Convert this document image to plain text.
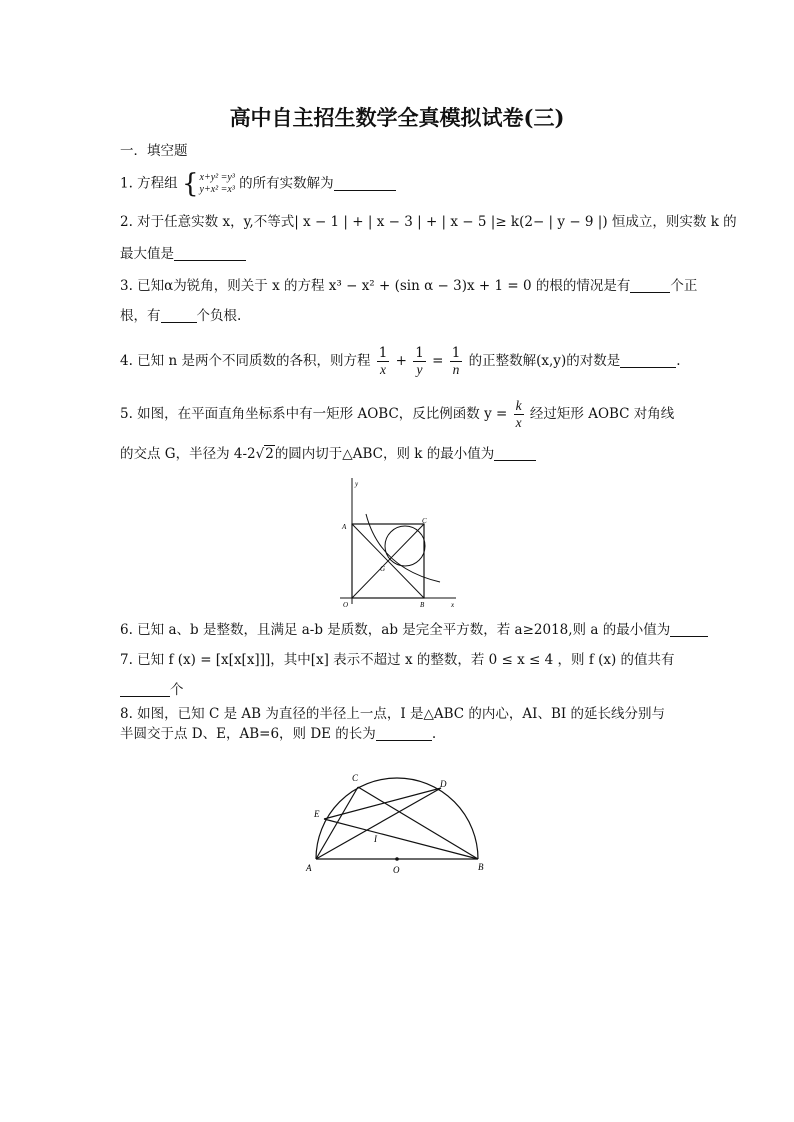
高中自主招生数学全真模拟试卷(三)
一．填空题
1. 方程组 { x+y² =y³
y+x² =x³ 的所有实数解为
2. 对于任意实数 x，y,不等式| x − 1 | + | x − 3 | + | x − 5 |≥ k(2− | y − 9 |) 恒成立，则实数 k 的
最大值是
3. 已知α为锐角，则关于 x 的方程 x³ − x² + (sin α − 3)x + 1 = 0 的根的情况是有	个正
根，有	个负根.
4. 已知 n 是两个不同质数的各积，则方程 $\frac{1}{x} + \frac{1}{y} = \frac{1}{n}$ 的正整数解(x,y)的对数是	.
5. 如图，在平面直角坐标系中有一矩形 AOBC，反比例函数 $y = \frac{k}{x}$ 经过矩形 AOBC 对角线
的交点 G，半径为 4-2√2的圆内切于△ABC，则 k 的最小值为
y
A
C
G
O	B	x
6. 已知 a、b 是整数，且满足 a-b 是质数，ab 是完全平方数，若 a≥2018,则 a 的最小值为
7. 已知 f (x) = [x[x[x]]]，其中[x] 表示不超过 x 的整数，若 0 ≤ x ≤ 4 ，则 f (x) 的值共有
个
8. 如图，已知 C 是 AB 为直径的半径上一点，I 是△ABC 的内心，AI、BI 的延长线分别与
半圆交于点 D、E，AB=6，则 DE 的长为	.
C
D
E
I
A	O	B
